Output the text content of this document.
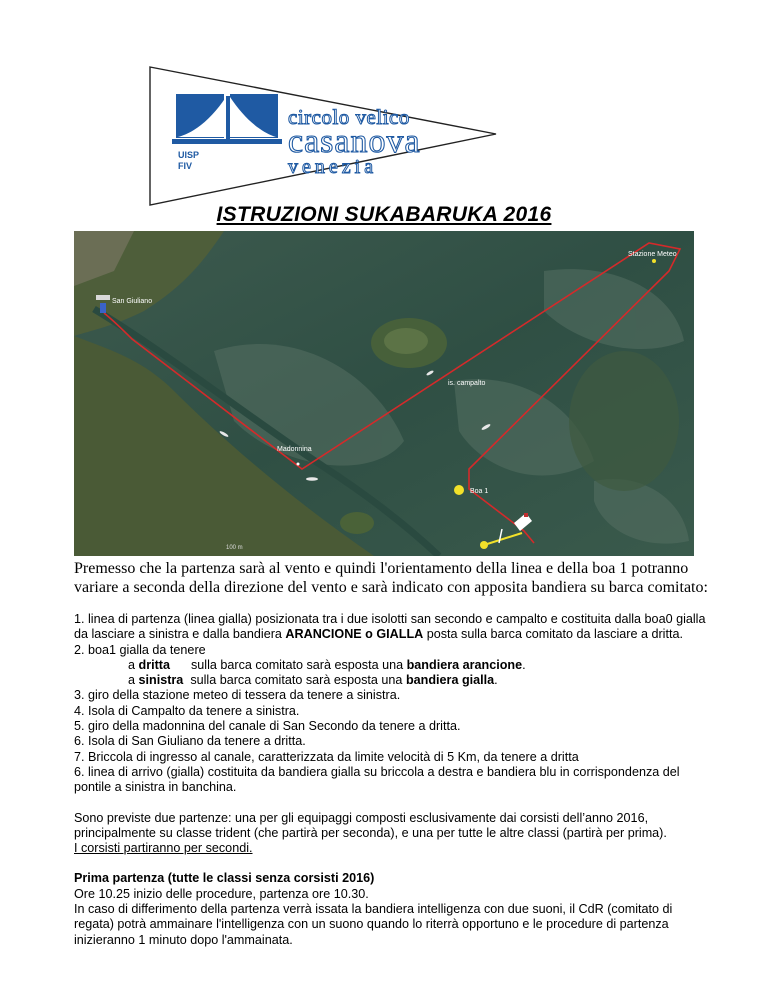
UISP
FIV
circolo velico
casanova
venezia
ISTRUZIONI SUKABARUKA 2016
Stazione Meteo
San Giuliano
is. campalto
Madonnina
Boa 1
100 m

Premesso che la partenza sarà al vento e quindi l'orientamento della linea e della boa 1 potranno variare a seconda della direzione del vento e sarà indicato con apposita bandiera su barca comitato:

1. linea di partenza (linea gialla) posizionata tra i due isolotti san secondo e campalto e costituita dalla boa0 gialla da lasciare a sinistra e dalla bandiera ARANCIONE o GIALLA posta sulla barca comitato da lasciare a dritta.

2. boa1 gialla da tenere

a dritta      sulla barca comitato sarà esposta una bandiera arancione.

a sinistra  sulla barca comitato sarà esposta una bandiera gialla.

3. giro della stazione meteo di tessera da tenere a sinistra.

4. Isola di Campalto da tenere a sinistra.

5. giro della madonnina del canale di San Secondo da tenere a dritta.

6. Isola di San Giuliano da tenere a dritta.

7. Briccola di ingresso al canale, caratterizzata da limite velocità di 5 Km, da tenere a dritta

6. linea di arrivo (gialla) costituita da bandiera gialla su briccola a destra e bandiera blu in corrispondenza del pontile a sinistra in banchina.

Sono previste due partenze: una per gli equipaggi composti esclusivamente dai corsisti dell’anno 2016, principalmente su classe trident (che partirà per seconda), e una per tutte le altre classi (partirà per prima).

I corsisti partiranno per secondi.

Prima partenza (tutte le classi senza corsisti 2016)

Ore 10.25 inizio delle procedure, partenza ore 10.30.

In caso di differimento della partenza verrà issata la bandiera intelligenza con due suoni, il CdR (comitato di regata) potrà ammainare l'intelligenza con un suono quando lo riterrà opportuno e le procedure di partenza inizieranno 1 minuto dopo l'ammainata.
